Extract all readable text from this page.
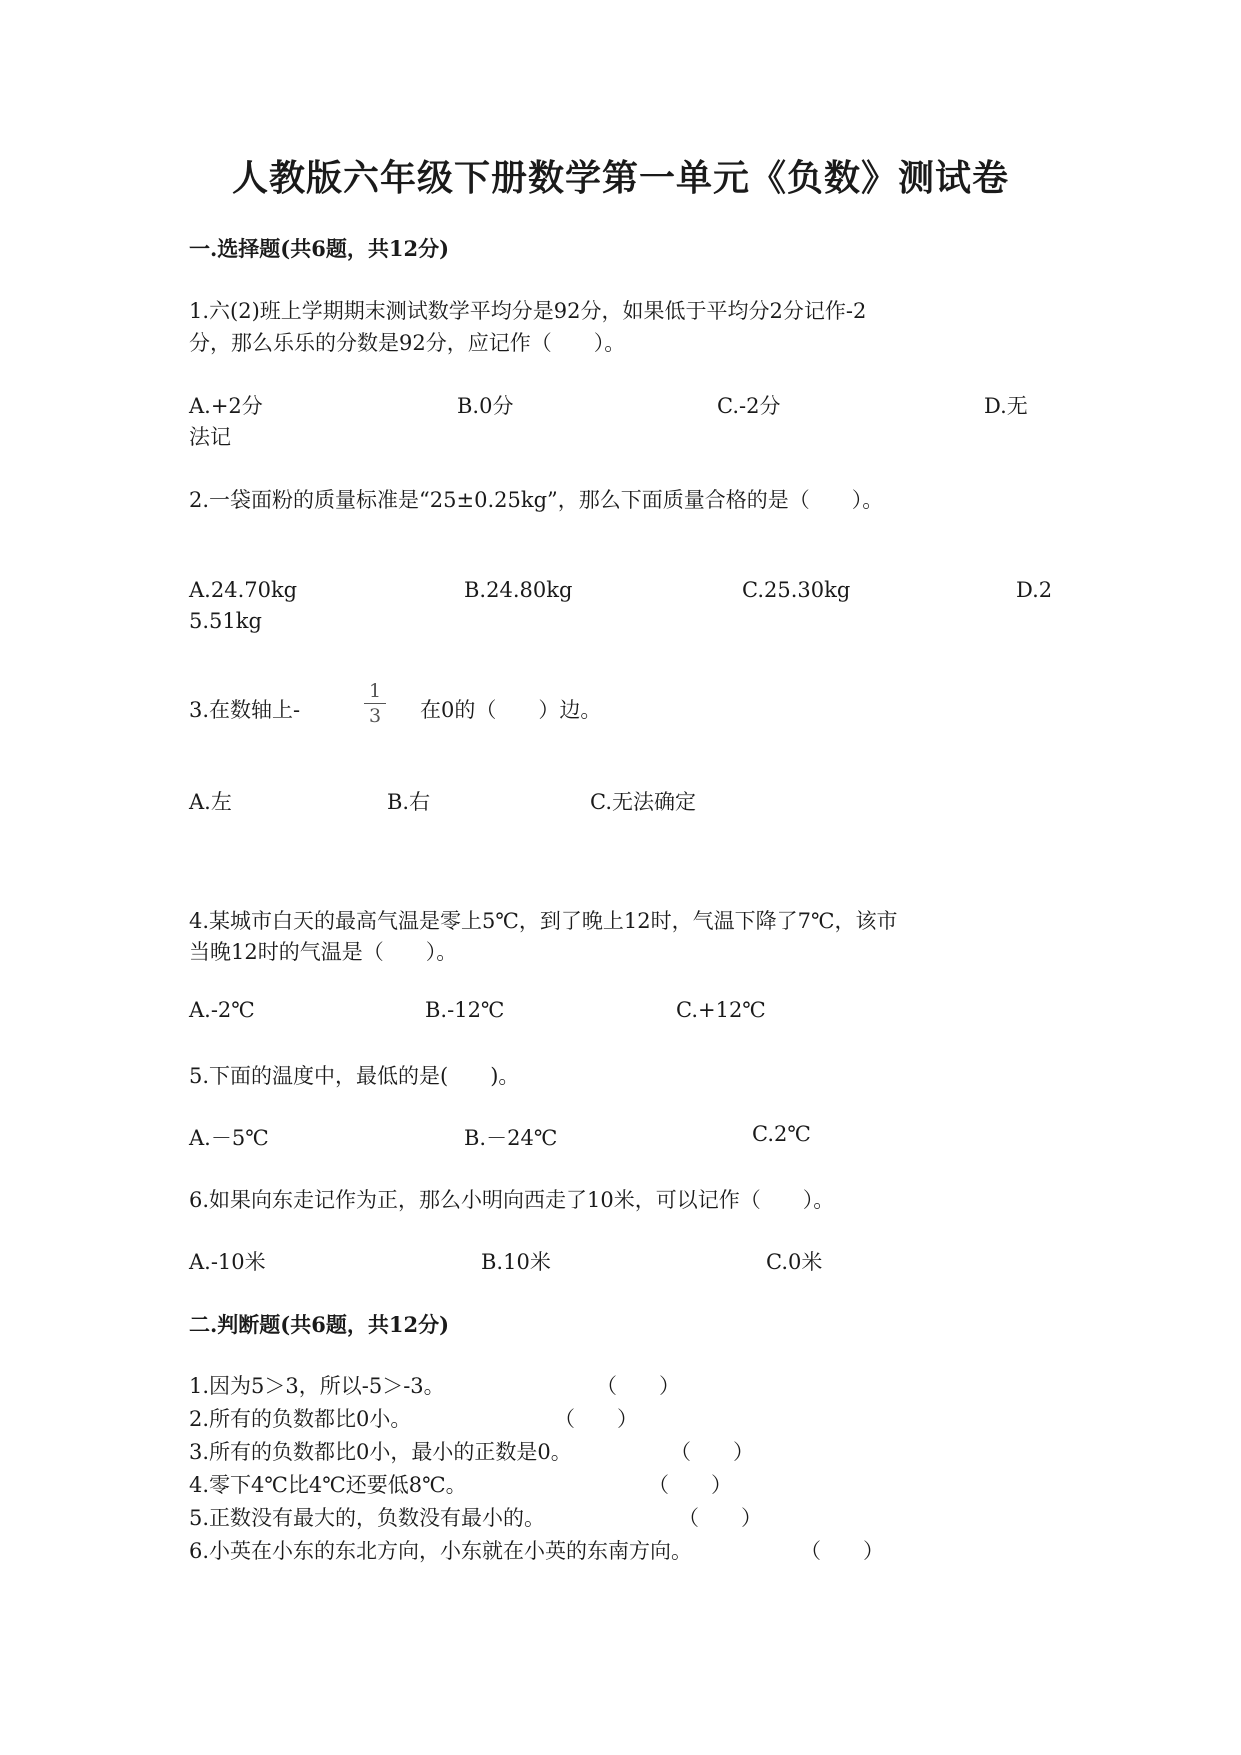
人教版六年级下册数学第一单元《负数》测试卷
一.选择题(共6题，共12分)
1.六(2)班上学期期末测试数学平均分是92分，如果低于平均分2分记作-2
分，那么乐乐的分数是92分，应记作（　　）。
A.+2分	B.0分	C.-2分	D.无
法记
2.一袋面粉的质量标准是“25±0.25kg”，那么下面质量合格的是（　　）。
A.24.70kg	B.24.80kg	C.25.30kg	D.2
5.51kg
3.在数轴上-
1
3 在0的（　　）边。
A.左	B.右	C.无法确定
4.某城市白天的最高气温是零上5℃，到了晚上12时，气温下降了7℃，该市
当晚12时的气温是（　　）。
A.-2℃	B.-12℃	C.+12℃
5.下面的温度中，最低的是(　　)。
A.－5℃	B.－24℃	C.2℃
6.如果向东走记作为正，那么小明向西走了10米，可以记作（　　）。
A.-10米	B.10米	C.0米
二.判断题(共6题，共12分)
1.因为5＞3，所以-5＞-3。	（　　）
2.所有的负数都比0小。	（　　）
3.所有的负数都比0小，最小的正数是0。	（　　）
4.零下4℃比4℃还要低8℃。	（　　）
5.正数没有最大的，负数没有最小的。	（　　）
6.小英在小东的东北方向，小东就在小英的东南方向。	（　　）
